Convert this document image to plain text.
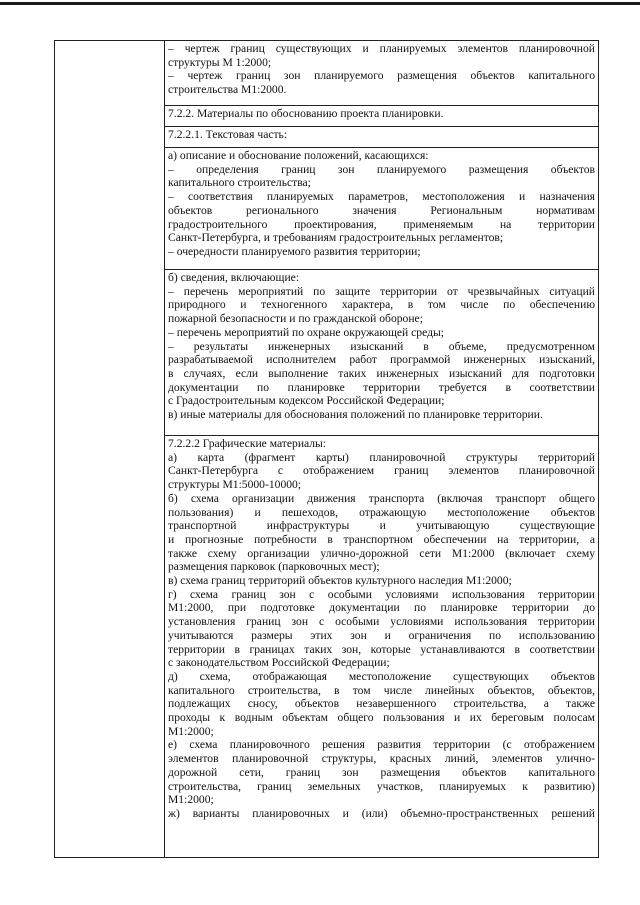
– чертеж границ существующих и планируемых элементов планировочной

структуры М 1:2000;

– чертеж границ зон планируемого размещения объектов капитального

строительства М1:2000.

7.2.2. Материалы по обоснованию проекта планировки.

7.2.2.1. Текстовая часть:

а) описание и обоснование положений, касающихся:

– определения границ зон планируемого размещения объектов

капитального строительства;

– соответствия планируемых параметров, местоположения и назначения

объектов регионального значения Региональным нормативам

градостроительного проектирования, применяемым на территории

Санкт-Петербурга, и требованиям градостроительных регламентов;

– очередности планируемого развития территории;

б) сведения, включающие:

– перечень мероприятий по защите территории от чрезвычайных ситуаций

природного и техногенного характера, в том числе по обеспечению

пожарной безопасности и по гражданской обороне;

– перечень мероприятий по охране окружающей среды;

– результаты инженерных изысканий в объеме, предусмотренном

разрабатываемой исполнителем работ программой инженерных изысканий,

в случаях, если выполнение таких инженерных изысканий для подготовки

документации по планировке территории требуется в соответствии

с Градостроительным кодексом Российской Федерации;

в) иные материалы для обоснования положений по планировке территории.

7.2.2.2 Графические материалы:

а) карта (фрагмент карты) планировочной структуры территорий

Санкт-Петербурга с отображением границ элементов планировочной

структуры М1:5000-10000;

б) схема организации движения транспорта (включая транспорт общего

пользования) и пешеходов, отражающую местоположение объектов

транспортной инфраструктуры и учитывающую существующие

и прогнозные потребности в транспортном обеспечении на территории, а

также схему организации улично-дорожной сети М1:2000 (включает схему

размещения парковок (парковочных мест);

в) схема границ территорий объектов культурного наследия М1:2000;

г) схема границ зон с особыми условиями использования территории

М1:2000, при подготовке документации по планировке территории до

установления границ зон с особыми условиями использования территории

учитываются размеры этих зон и ограничения по использованию

территории в границах таких зон, которые устанавливаются в соответствии

с законодательством Российской Федерации;

д) схема, отображающая местоположение существующих объектов

капитального строительства, в том числе линейных объектов, объектов,

подлежащих сносу, объектов незавершенного строительства, а также

проходы к водным объектам общего пользования и их береговым полосам

М1:2000;

е) схема планировочного решения развития территории (с отображением

элементов планировочной структуры, красных линий, элементов улично-

дорожной сети, границ зон размещения объектов капитального

строительства, границ земельных участков, планируемых к развитию)

М1:2000;

ж) варианты планировочных и (или) объемно-пространственных решений
